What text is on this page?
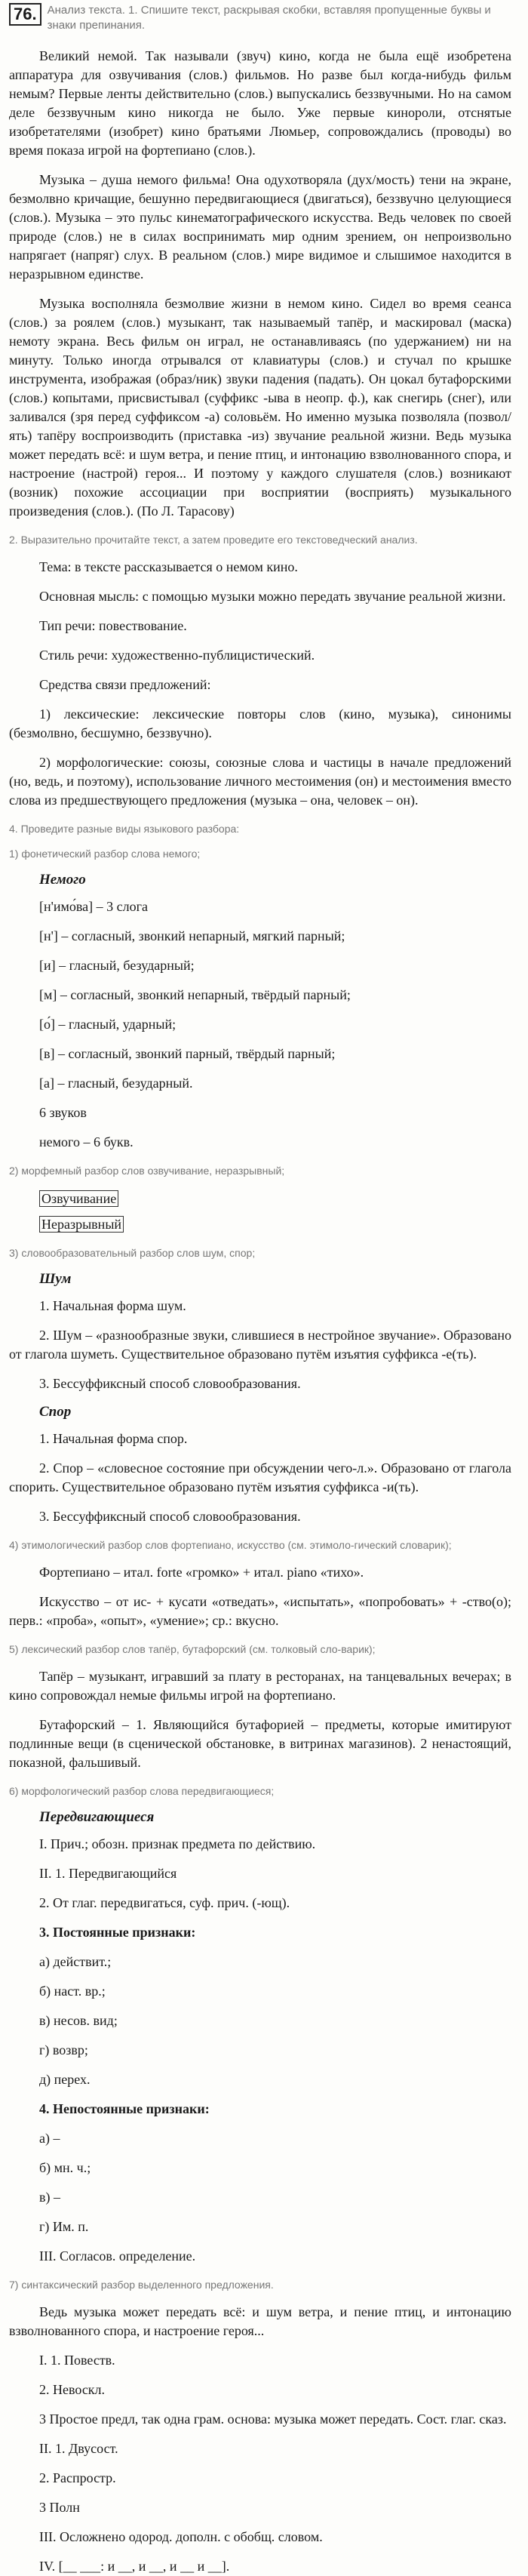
76. Анализ текста. 1. Спишите текст, раскрывая скобки, вставляя пропущенные буквы и знаки препинания.

Великий немой. Так называли (звуч) кино, когда не была ещё изобретена аппаратура для озвучивания (слов.) фильмов. Но разве был когда-нибудь фильм немым? Первые ленты действительно (слов.) выпускались беззвучными. Но на самом деле беззвучным кино никогда не было. Уже первые кинороли, отснятые изобретателями (изобрет) кино братьями Люмьер, сопровождались (проводы) во время показа игрой на фортепиано (слов.).

Музыка – душа немого фильма! Она одухотворяла (дух/мость) тени на экране, безмолвно кричащие, бешунно передвигающиеся (двигаться), беззвучно целующиеся (слов.). Музыка – это пульс кинематографического искусства. Ведь человек по своей природе (слов.) не в силах воспринимать мир одним зрением, он непроизвольно напрягает (напряг) слух. В реальном (слов.) мире видимое и слышимое находится в неразрывном единстве.

Музыка восполняла безмолвие жизни в немом кино. Сидел во время сеанса (слов.) за роялем (слов.) музыкант, так называемый тапёр, и маскировал (маска) немоту экрана. Весь фильм он играл, не останавливаясь (по удержанием) ни на минуту. Только иногда отрывался от клавиатуры (слов.) и стучал по крышке инструмента, изображая (образ/ник) звуки падения (падать). Он цокал бутафорскими (слов.) копытами, присвистывал (суффикс -ыва в неопр. ф.), как снегирь (снег), или заливался (зря перед суффиксом -а) соловьём. Но именно музыка позволяла (позвол/ять) тапёру воспроизводить (приставка -из) звучание реальной жизни. Ведь музыка может передать всё: и шум ветра, и пение птиц, и интонацию взволнованного спора, и настроение (настрой) героя... И поэтому у каждого слушателя (слов.) возникают (возник) похожие ассоциации при восприятии (восприять) музыкального произведения (слов.). (По Л. Тарасову)

2. Выразительно прочитайте текст, а затем проведите его текстоведческий анализ.

Тема: в тексте рассказывается о немом кино.

Основная мысль: с помощью музыки можно передать звучание реальной жизни.

Тип речи: повествование.

Стиль речи: художественно-публицистический.

Средства связи предложений:

1) лексические: лексические повторы слов (кино, музыка), синонимы (безмолвно, бесшумно, беззвучно).

2) морфологические: союзы, союзные слова и частицы в начале предложений (но, ведь, и поэтому), использование личного местоимения (он) и местоимения вместо слова из предшествующего предложения (музыка – она, человек – он).

4. Проведите разные виды языкового разбора:
1) фонетический разбор слова немого;
Немого
[н'имо́ва] – 3 слога
[н'] – согласный, звонкий непарный, мягкий парный;
[и] – гласный, безударный;
[м] – согласный, звонкий непарный, твёрдый парный;
[о́] – гласный, ударный;
[в] – согласный, звонкий парный, твёрдый парный;
[а] – гласный, безударный.
6 звуков
немого – 6 букв.
2) морфемный разбор слов озвучивание, неразрывный;
Озвучивание
Неразрывный
3) словообразовательный разбор слов шум, спор;
Шум

1. Начальная форма шум.

2. Шум – «разнообразные звуки, слившиеся в нестройное звучание». Образовано от глагола шуметь. Существительное образовано путём изъятия суффикса -е(ть).

3. Бессуффиксный способ словообразования.

Спор

1. Начальная форма спор.

2. Спор – «словесное состояние при обсуждении чего-л.». Образовано от глагола спорить. Существительное образовано путём изъятия суффикса -и(ть).

3. Бессуффиксный способ словообразования.

4) этимологический разбор слов фортепиано, искусство (см. этимоло-гический словарик);

Фортепиано – итал. forte «громко» + итал. piano «тихо».

Искусство – от ис- + кусати «отведать», «испытать», «попробовать» + -ство(о); перв.: «проба», «опыт», «умение»; ср.: вкусно.

5) лексический разбор слов тапёр, бутафорский (см. толковый сло-варик);

Тапёр – музыкант, игравший за плату в ресторанах, на танцевальных вечерах; в кино сопровождал немые фильмы игрой на фортепиано.

Бутафорский – 1. Являющийся бутафорией – предметы, которые имитируют подлинные вещи (в сценической обстановке, в витринах магазинов). 2 ненастоящий, показной, фальшивый.

6) морфологический разбор слова передвигающиеся;
Передвигающиеся
I. Прич.; обозн. признак предмета по действию.
II. 1. Передвигающийся
2. От глаг. передвигаться, суф. прич. (-ющ).
3. Постоянные признаки:
а) действит.;
б) наст. вр.;
в) несов. вид;
г) возвр;
д) перех.
4. Непостоянные признаки:
а) –
б) мн. ч.;
в) –
г) Им. п.
III. Согласов. определение.
7) синтаксический разбор выделенного предложения.

Ведь музыка может передать всё: и шум ветра, и пение птиц, и интонацию взволнованного спора, и настроение героя...

I. 1. Повеств.
2. Невоскл.

3 Простое предл, так одна грам. основа: музыка может передать. Сост. глаг. сказ.

II. 1. Двусост.
2. Распростр.
3 Полн
III. Осложнено одород. дополн. с обобщ. словом.
IV. [__ ___: и __, и __, и __ и __].
